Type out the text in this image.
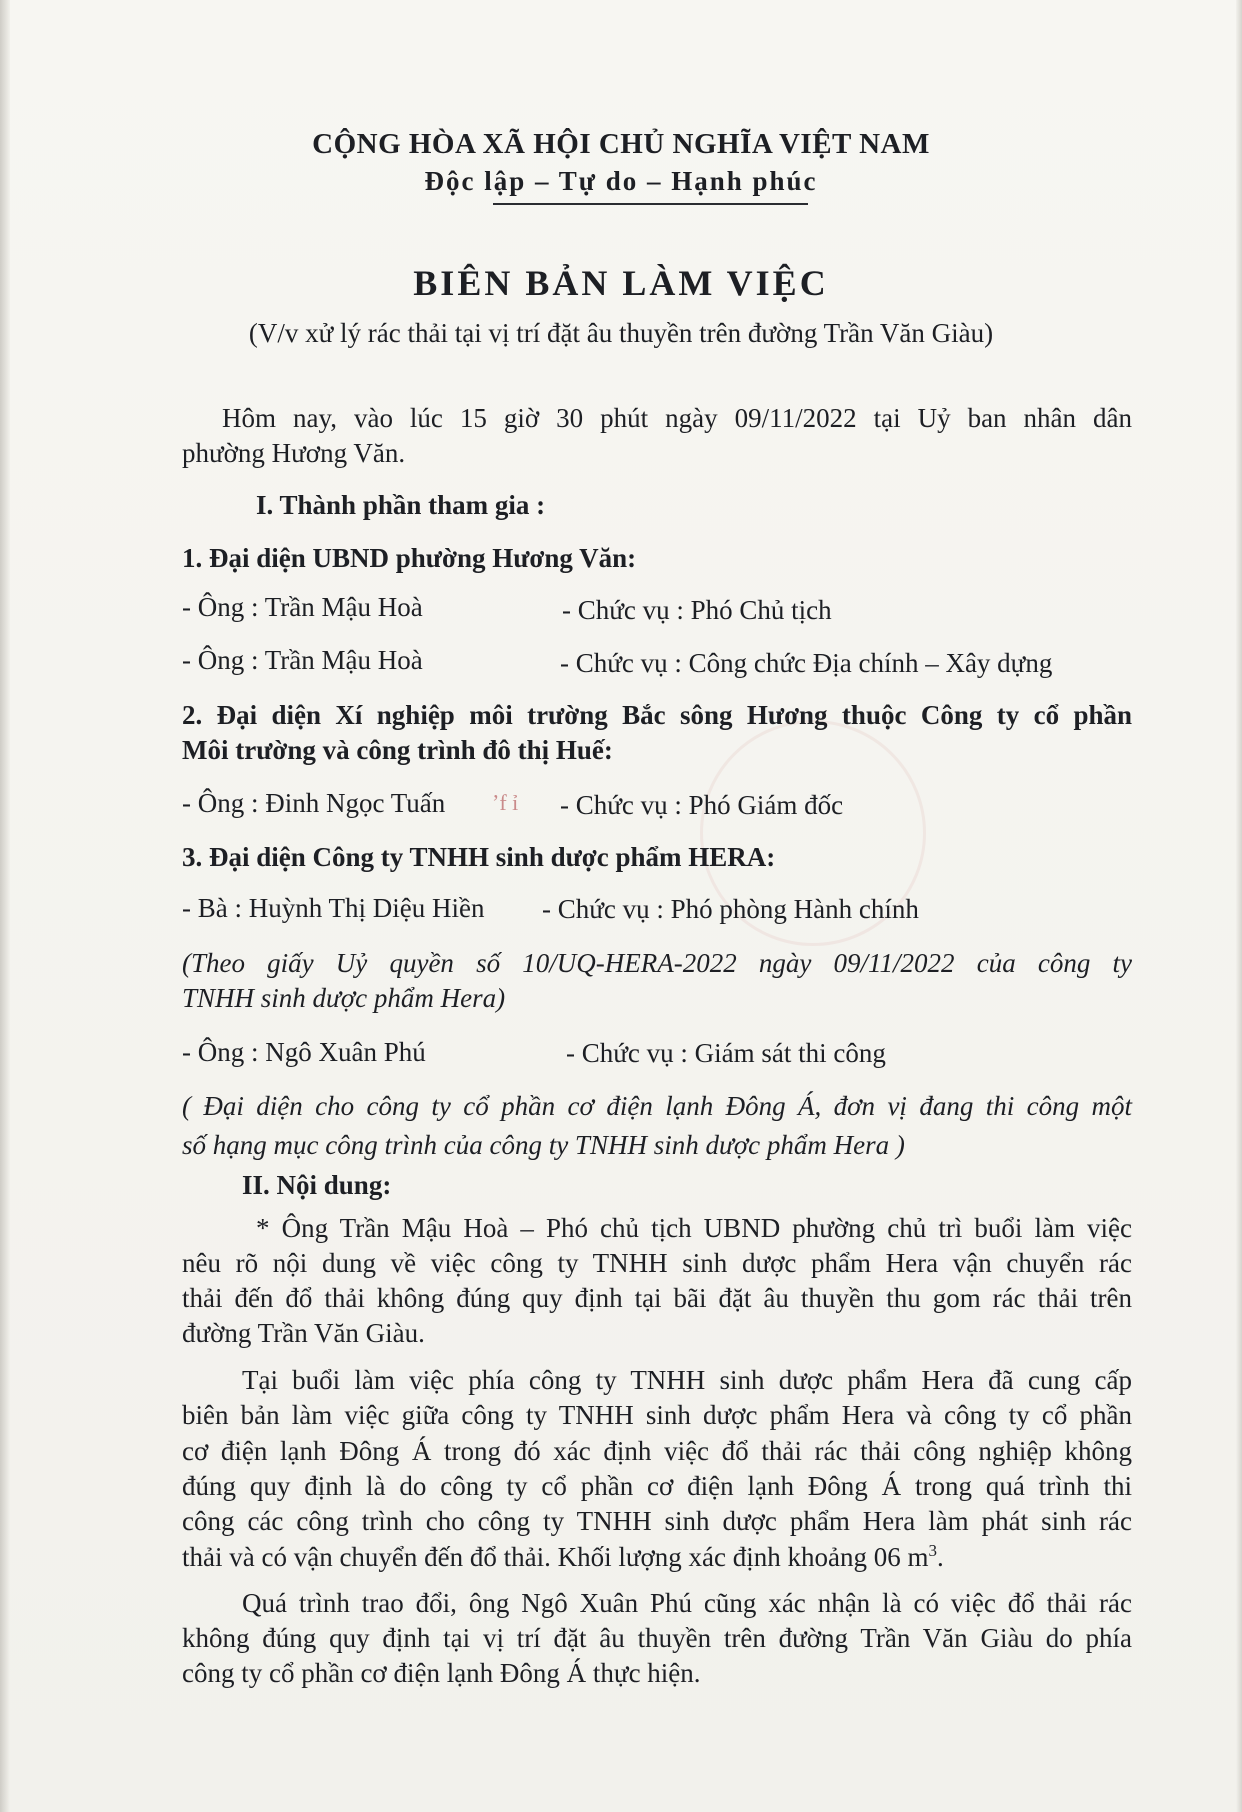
CỘNG HÒA XÃ HỘI CHỦ NGHĨA VIỆT NAM
Độc lập – Tự do – Hạnh phúc
BIÊN BẢN LÀM VIỆC
(V/v xử lý rác thải tại vị trí đặt âu thuyền trên đường Trần Văn Giàu)
Hôm nay, vào lúc 15 giờ 30 phút ngày 09/11/2022 tại Uỷ ban nhân dân
phường Hương Văn.
I. Thành phần tham gia :
1. Đại diện UBND phường Hương Văn:
- Ông : Trần Mậu Hoà	- Chức vụ : Phó Chủ tịch
- Ông : Trần Mậu Hoà	- Chức vụ : Công chức Địa chính – Xây dựng
2. Đại diện Xí nghiệp môi trường Bắc sông Hương thuộc Công ty cổ phần
Môi trường và công trình đô thị Huế:
- Ông : Đinh Ngọc Tuấn ʼf ỉ - Chức vụ : Phó Giám đốc
3. Đại diện Công ty TNHH sinh dược phẩm HERA:
- Bà : Huỳnh Thị Diệu Hiền - Chức vụ : Phó phòng Hành chính
(Theo giấy Uỷ quyền số 10/UQ-HERA-2022 ngày 09/11/2022 của công ty
TNHH sinh dược phẩm Hera)
- Ông : Ngô Xuân Phú	- Chức vụ : Giám sát thi công
( Đại diện cho công ty cổ phần cơ điện lạnh Đông Á, đơn vị đang thi công một
số hạng mục công trình của công ty TNHH sinh dược phẩm Hera )
II. Nội dung:
* Ông Trần Mậu Hoà – Phó chủ tịch UBND phường chủ trì buổi làm việc
nêu rõ nội dung về việc công ty TNHH sinh dược phẩm Hera vận chuyển rác
thải đến đổ thải không đúng quy định tại bãi đặt âu thuyền thu gom rác thải trên
đường Trần Văn Giàu.
Tại buổi làm việc phía công ty TNHH sinh dược phẩm Hera đã cung cấp
biên bản làm việc giữa công ty TNHH sinh dược phẩm Hera và công ty cổ phần
cơ điện lạnh Đông Á trong đó xác định việc đổ thải rác thải công nghiệp không
đúng quy định là do công ty cổ phần cơ điện lạnh Đông Á trong quá trình thi
công các công trình cho công ty TNHH sinh dược phẩm Hera làm phát sinh rác
thải và có vận chuyển đến đổ thải. Khối lượng xác định khoảng 06 $m^3$.
Quá trình trao đổi, ông Ngô Xuân Phú cũng xác nhận là có việc đổ thải rác
không đúng quy định tại vị trí đặt âu thuyền trên đường Trần Văn Giàu do phía
công ty cổ phần cơ điện lạnh Đông Á thực hiện.
